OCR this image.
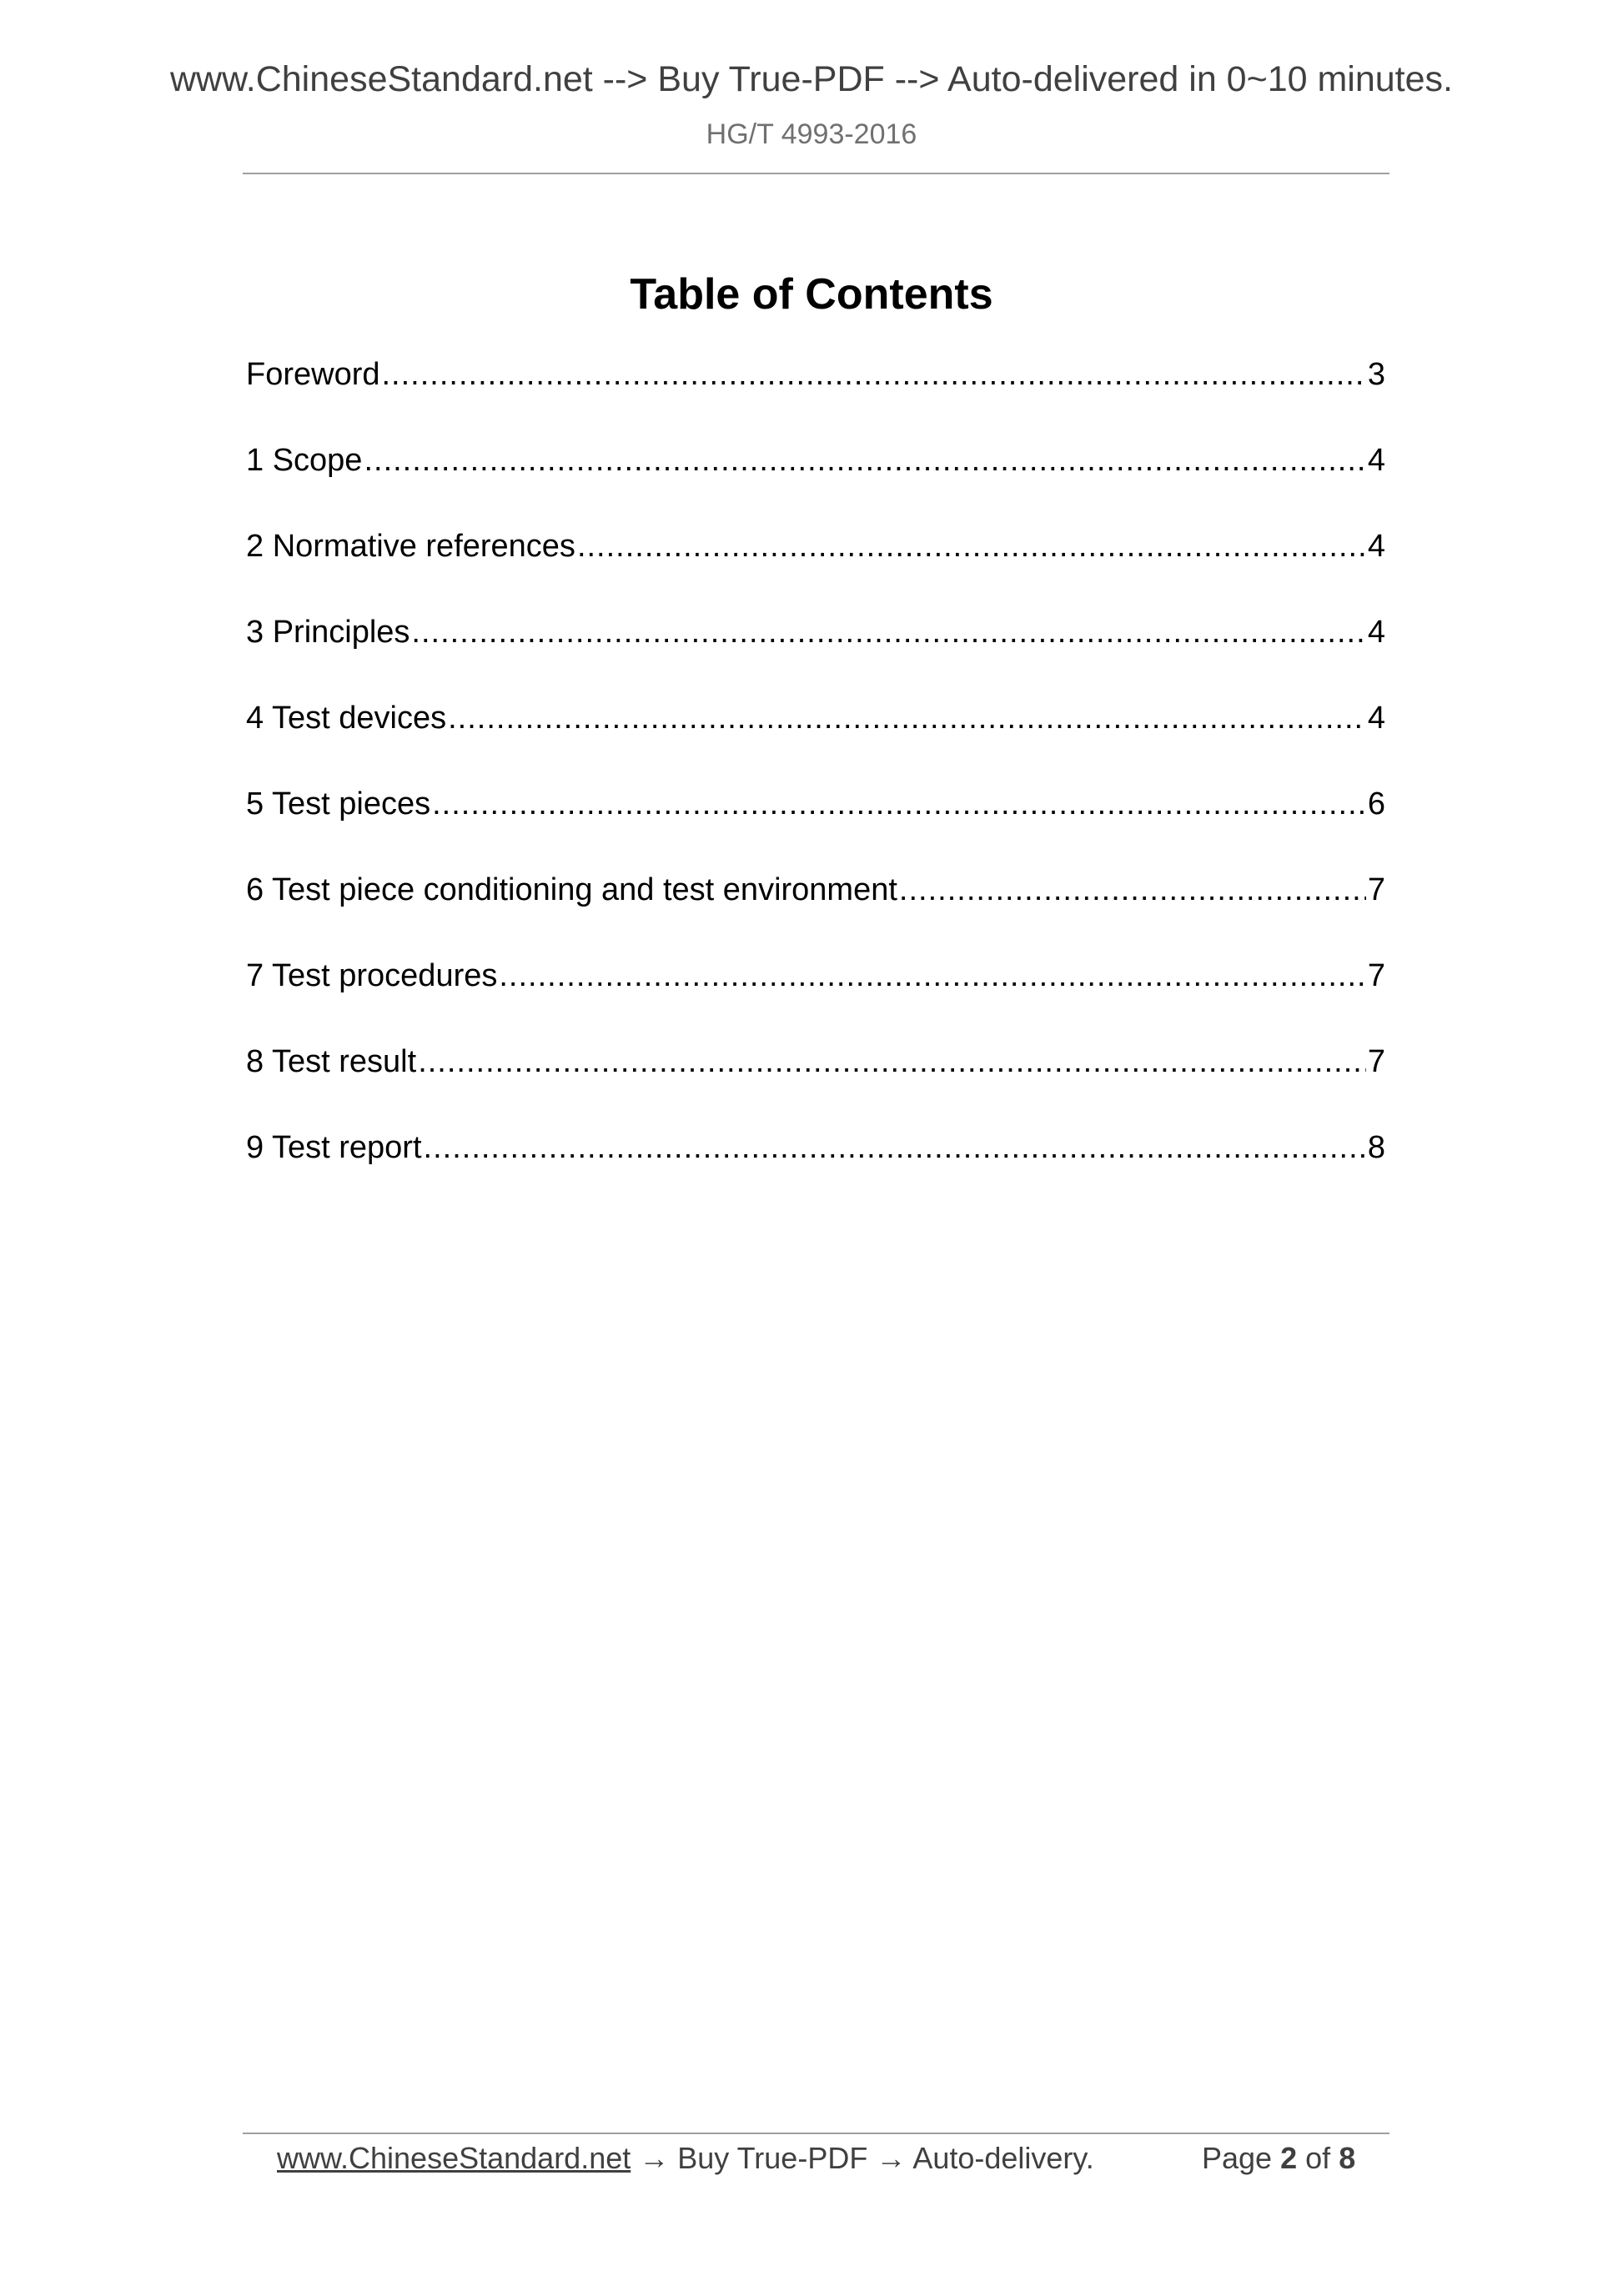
www.ChineseStandard.net --> Buy True-PDF --> Auto-delivered in 0~10 minutes.
HG/T 4993-2016
Table of Contents
Foreword .....	3
1 Scope .....	4
2 Normative references .....	4
3 Principles .....	4
4 Test devices .....	4
5 Test pieces .....	6
6 Test piece conditioning and test environment .....	7
7 Test procedures .....	7
8 Test result .....	7
9 Test report .....	8
www.ChineseStandard.net → Buy True-PDF → Auto-delivery.	Page 2 of 8
